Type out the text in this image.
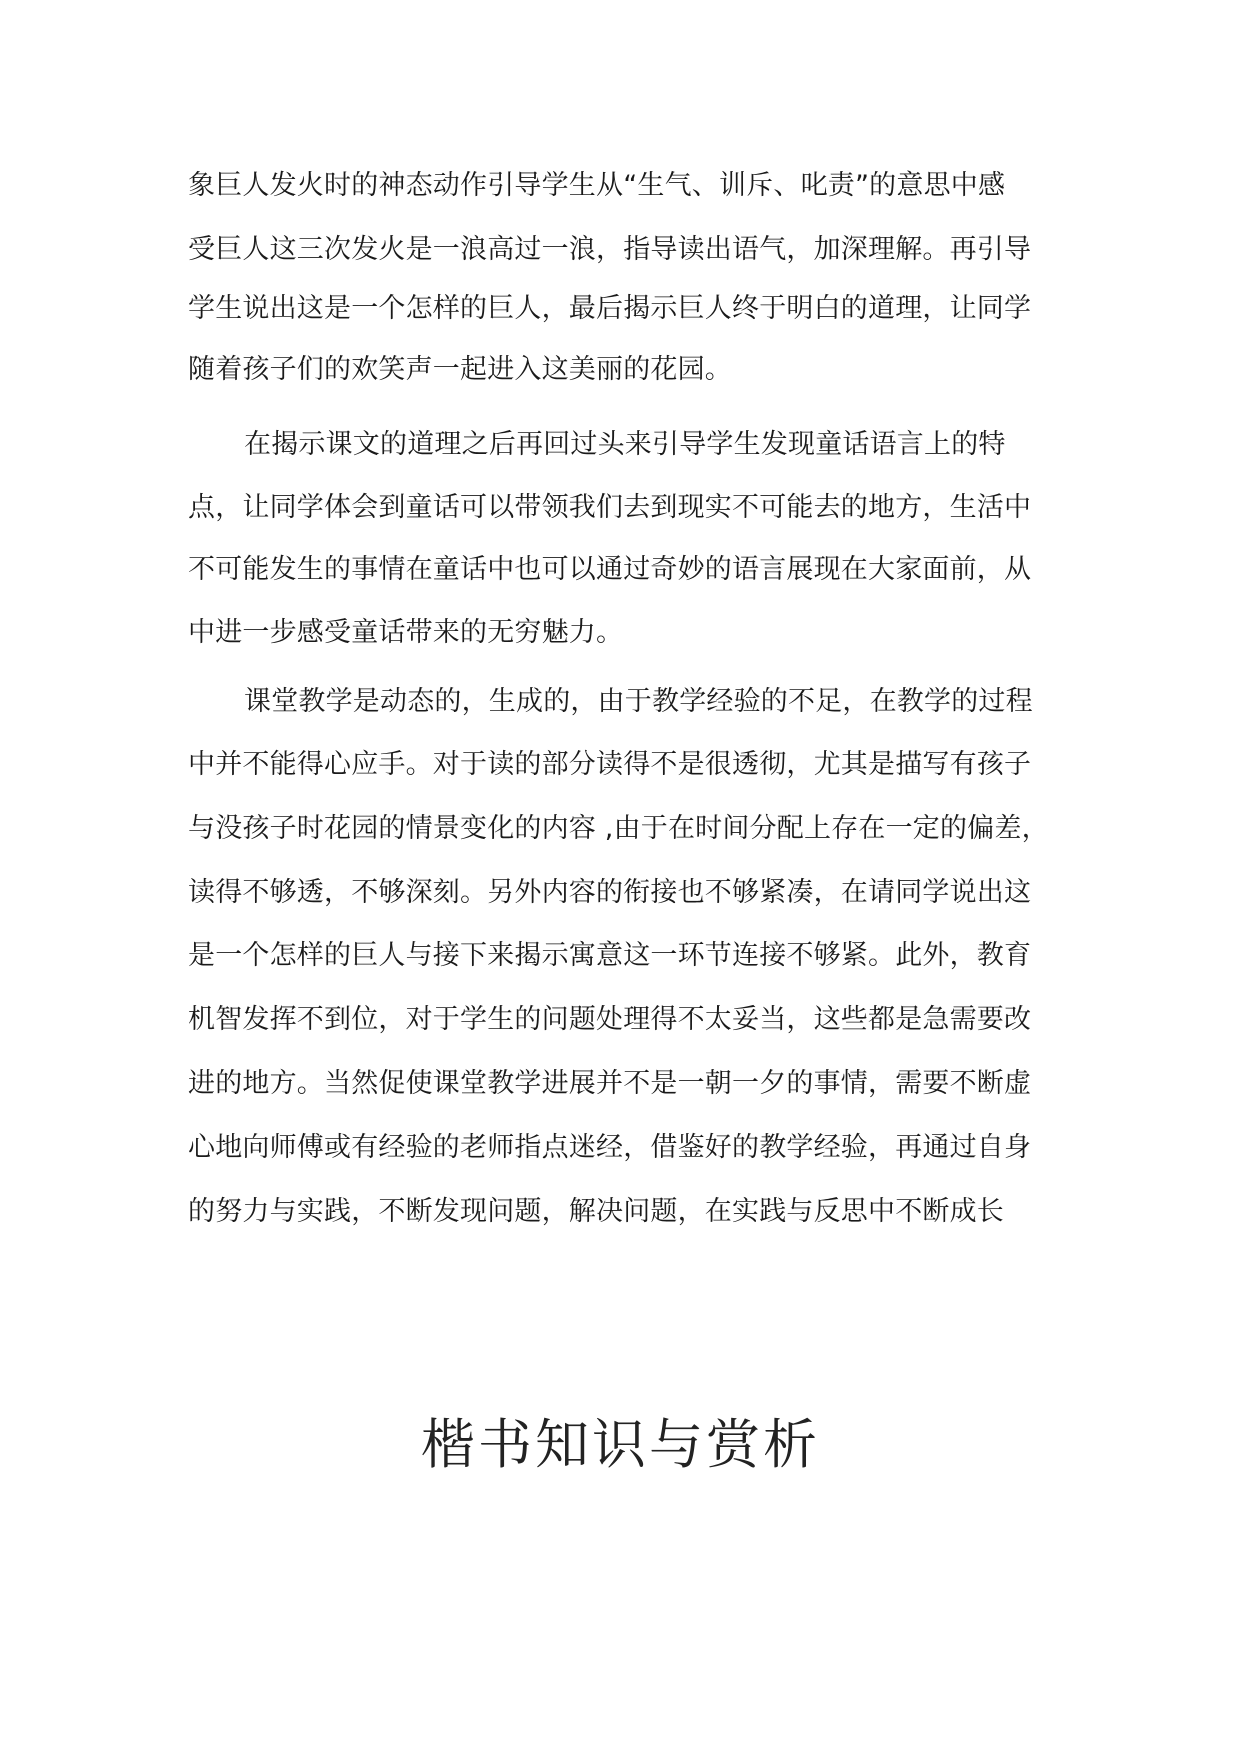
象巨人发火时的神态动作引导学生从“生气、训斥、叱责”的意思中感
受巨人这三次发火是一浪高过一浪，指导读出语气，加深理解。再引导
学生说出这是一个怎样的巨人，最后揭示巨人终于明白的道理，让同学
随着孩子们的欢笑声一起进入这美丽的花园。
在揭示课文的道理之后再回过头来引导学生发现童话语言上的特
点，让同学体会到童话可以带领我们去到现实不可能去的地方，生活中
不可能发生的事情在童话中也可以通过奇妙的语言展现在大家面前，从
中进一步感受童话带来的无穷魅力。
课堂教学是动态的，生成的，由于教学经验的不足，在教学的过程
中并不能得心应手。对于读的部分读得不是很透彻，尤其是描写有孩子
与没孩子时花园的情景变化的内容 ,由于在时间分配上存在一定的偏差，
读得不够透，不够深刻。另外内容的衔接也不够紧凑，在请同学说出这
是一个怎样的巨人与接下来揭示寓意这一环节连接不够紧。此外，教育
机智发挥不到位，对于学生的问题处理得不太妥当，这些都是急需要改
进的地方。当然促使课堂教学进展并不是一朝一夕的事情，需要不断虚
心地向师傅或有经验的老师指点迷经，借鉴好的教学经验，再通过自身
的努力与实践，不断发现问题，解决问题，在实践与反思中不断成长
楷书知识与赏析
